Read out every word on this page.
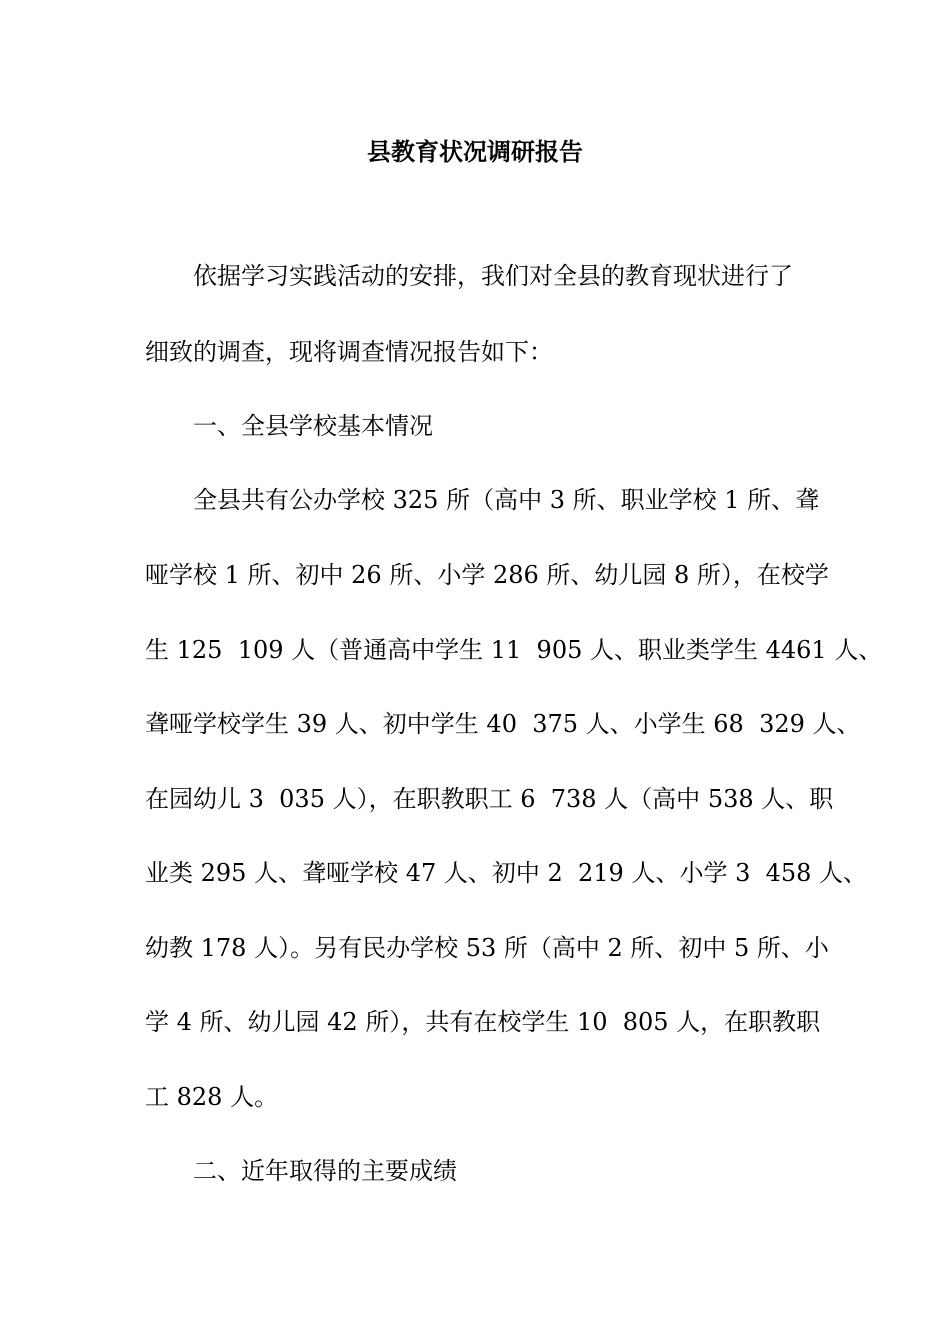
县教育状况调研报告
依据学习实践活动的安排，我们对全县的教育现状进行了
细致的调查，现将调查情况报告如下：
一、全县学校基本情况
全县共有公办学校 325 所（高中 3 所、职业学校 1 所、聋
哑学校 1 所、初中 26 所、小学 286 所、幼儿园 8 所），在校学
生 125  109 人（普通高中学生 11  905 人、职业类学生 4461 人、
聋哑学校学生 39 人、初中学生 40  375 人、小学生 68  329 人、
在园幼儿 3  035 人），在职教职工 6  738 人（高中 538 人、职
业类 295 人、聋哑学校 47 人、初中 2  219 人、小学 3  458 人、
幼教 178 人）。另有民办学校 53 所（高中 2 所、初中 5 所、小
学 4 所、幼儿园 42 所），共有在校学生 10  805 人，在职教职
工 828 人。
二、近年取得的主要成绩
